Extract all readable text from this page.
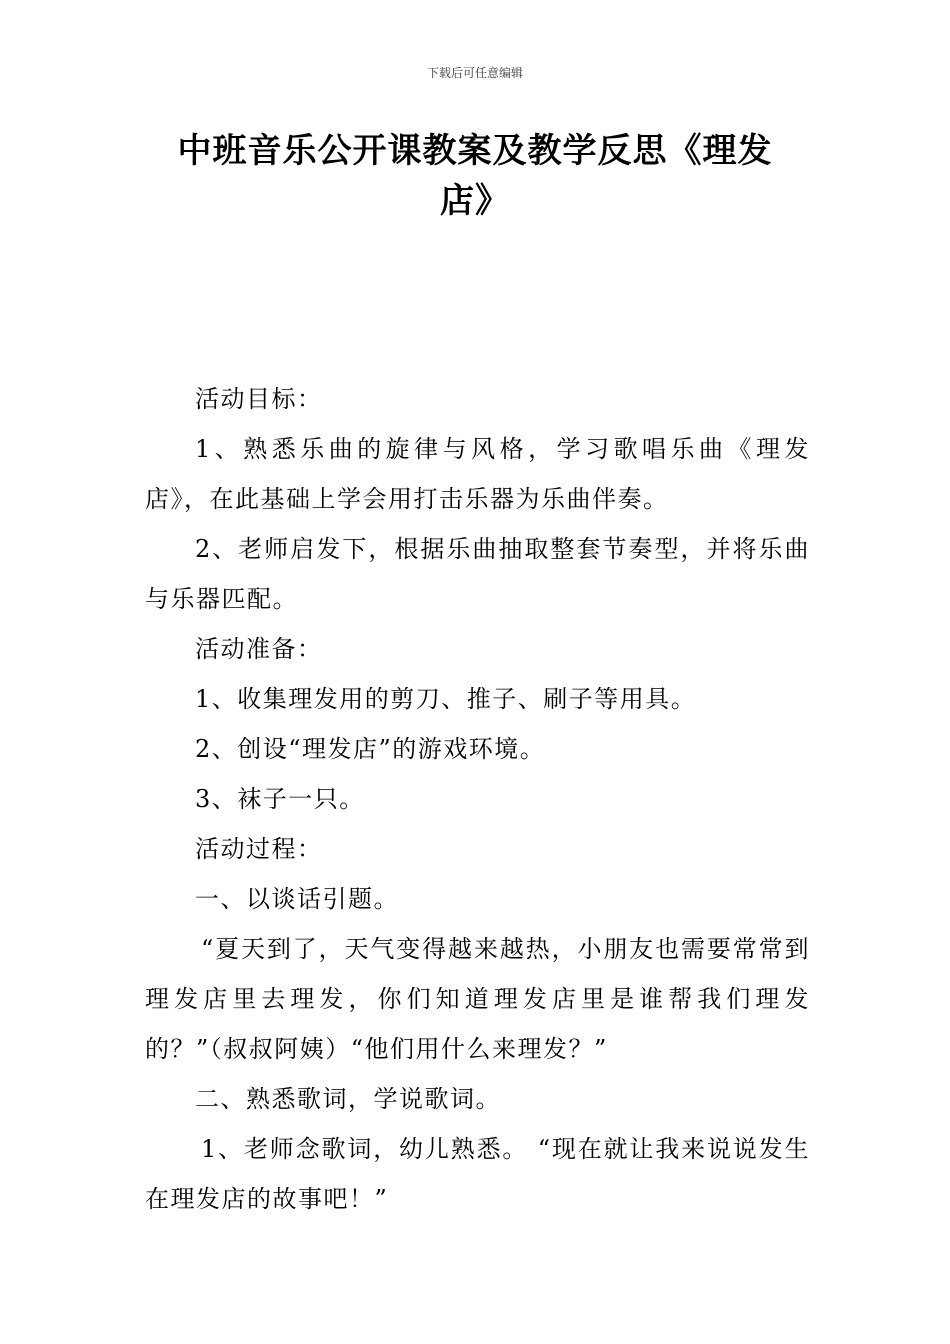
下载后可任意编辑
中班音乐公开课教案及教学反思《理发
店》

活动目标：

1、熟悉乐曲的旋律与风格，学习歌唱乐曲《理发店》，在此基础上学会用打击乐器为乐曲伴奏。

2、老师启发下，根据乐曲抽取整套节奏型，并将乐曲与乐器匹配。

活动准备：

1、收集理发用的剪刀、推子、刷子等用具。

2、创设“理发店”的游戏环境。

3、袜子一只。

活动过程：

一、以谈话引题。

“夏天到了，天气变得越来越热，小朋友也需要常常到理发店里去理发，你们知道理发店里是谁帮我们理发的？”（叔叔阿姨）“他们用什么来理发？”

二、熟悉歌词，学说歌词。

1、老师念歌词，幼儿熟悉。 “现在就让我来说说发生在理发店的故事吧！”
